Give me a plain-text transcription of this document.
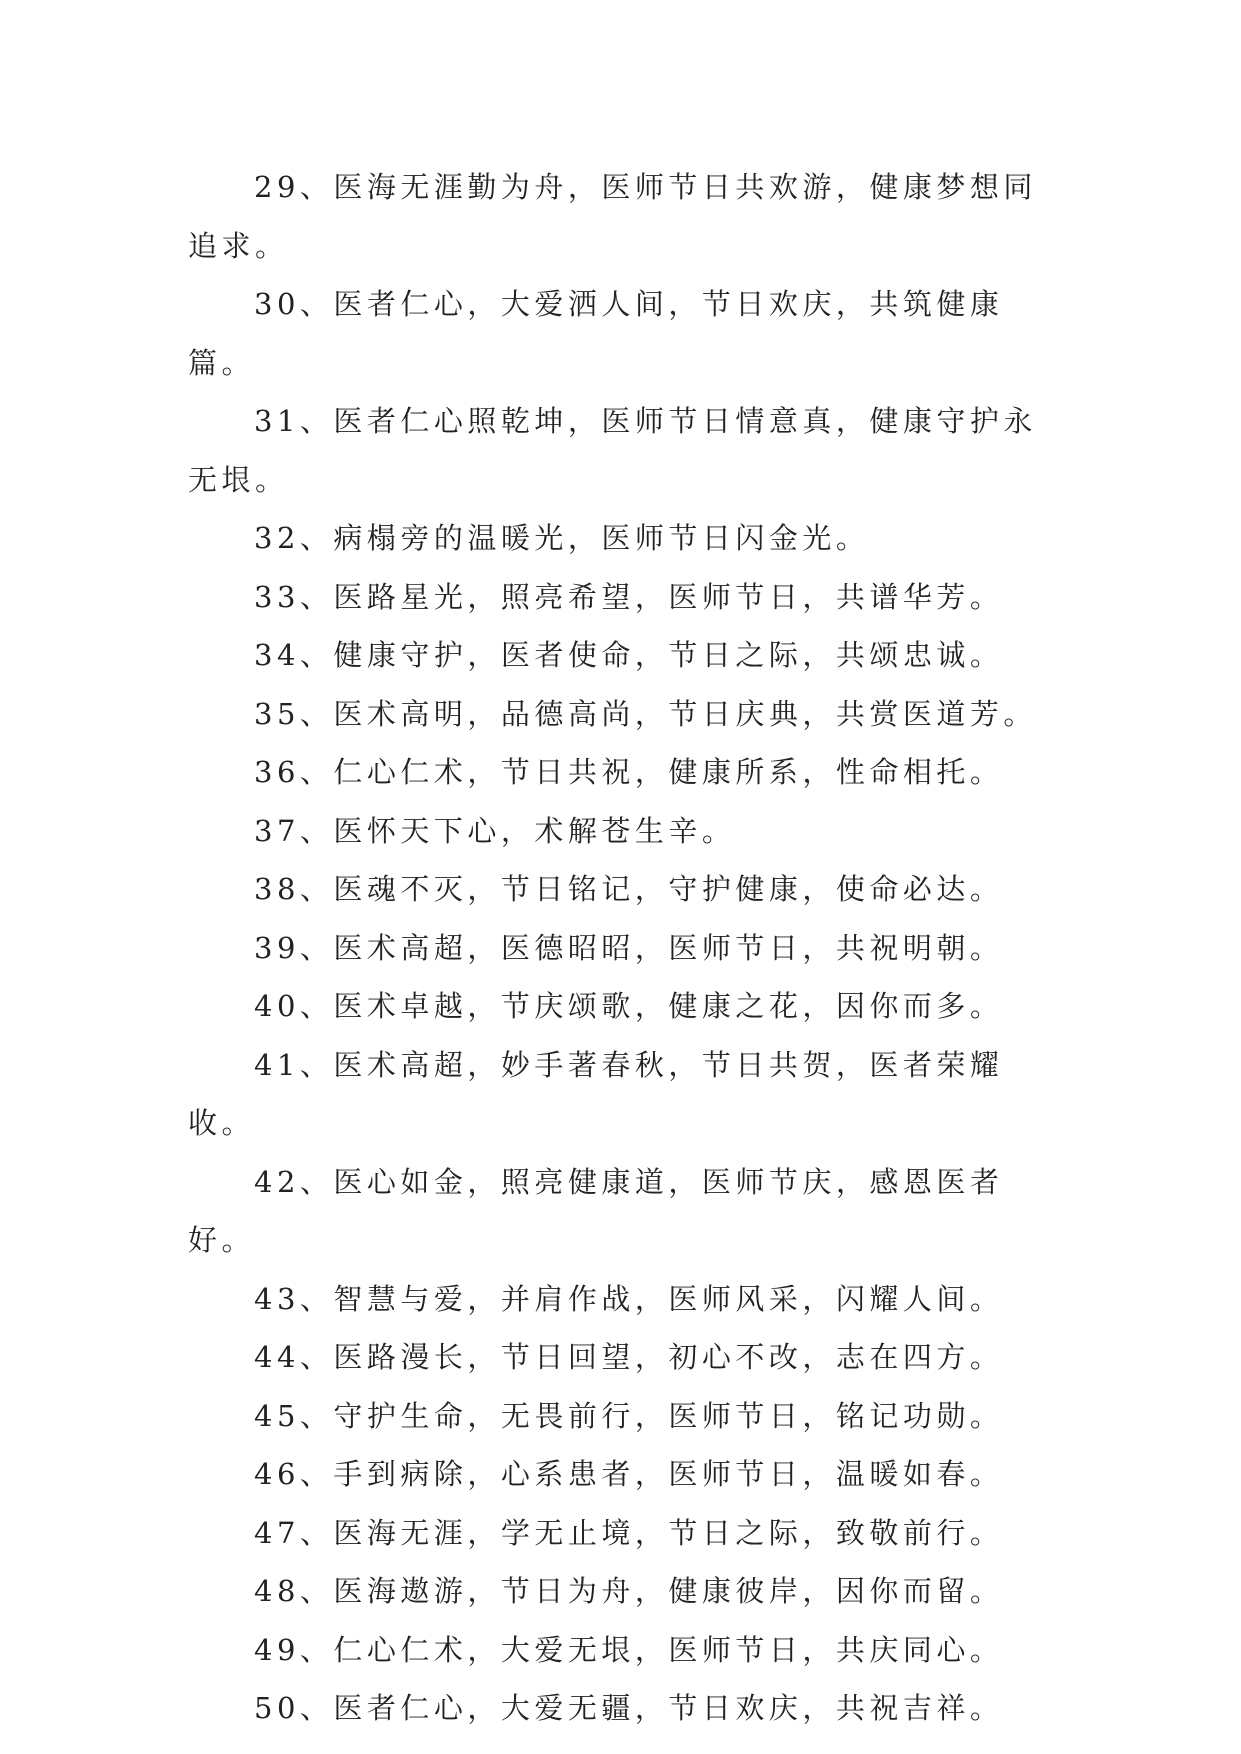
29、医海无涯勤为舟，医师节日共欢游，健康梦想同追求。

30、医者仁心，大爱洒人间，节日欢庆，共筑健康篇。

31、医者仁心照乾坤，医师节日情意真，健康守护永无垠。

32、病榻旁的温暖光，医师节日闪金光。

33、医路星光，照亮希望，医师节日，共谱华芳。

34、健康守护，医者使命，节日之际，共颂忠诚。

35、医术高明，品德高尚，节日庆典，共赏医道芳。

36、仁心仁术，节日共祝，健康所系，性命相托。

37、医怀天下心，术解苍生辛。

38、医魂不灭，节日铭记，守护健康，使命必达。

39、医术高超，医德昭昭，医师节日，共祝明朝。

40、医术卓越，节庆颂歌，健康之花，因你而多。

41、医术高超，妙手著春秋，节日共贺，医者荣耀收。

42、医心如金，照亮健康道，医师节庆，感恩医者好。

43、智慧与爱，并肩作战，医师风采，闪耀人间。

44、医路漫长，节日回望，初心不改，志在四方。

45、守护生命，无畏前行，医师节日，铭记功勋。

46、手到病除，心系患者，医师节日，温暖如春。

47、医海无涯，学无止境，节日之际，致敬前行。

48、医海遨游，节日为舟，健康彼岸，因你而留。

49、仁心仁术，大爱无垠，医师节日，共庆同心。

50、医者仁心，大爱无疆，节日欢庆，共祝吉祥。
